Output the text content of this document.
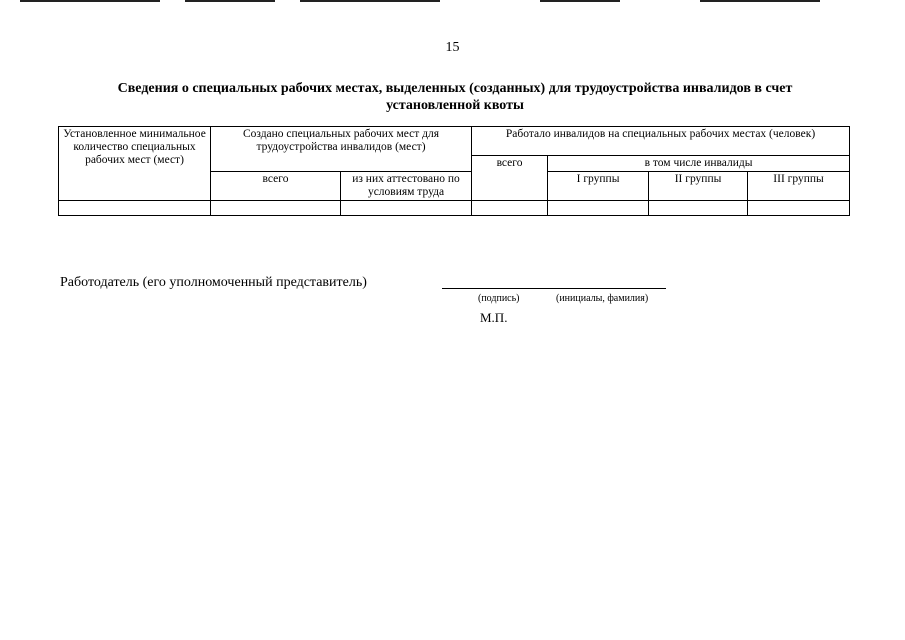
15
Сведения о специальных рабочих местах, выделенных (созданных) для трудоустройства инвалидов в счет
установленной квоты
Установленное минимальное количество специальных рабочих мест (мест)	Создано специальных рабочих мест для трудоустройства инвалидов (мест)		Работало инвалидов на специальных рабочих местах (человек)			
			всего	в том числе инвалиды		
	всего	из них аттестовано по условиям труда		I группы	II группы	III группы

Работодатель (его уполномоченный представитель)
(подпись)	(инициалы, фамилия)
М.П.
